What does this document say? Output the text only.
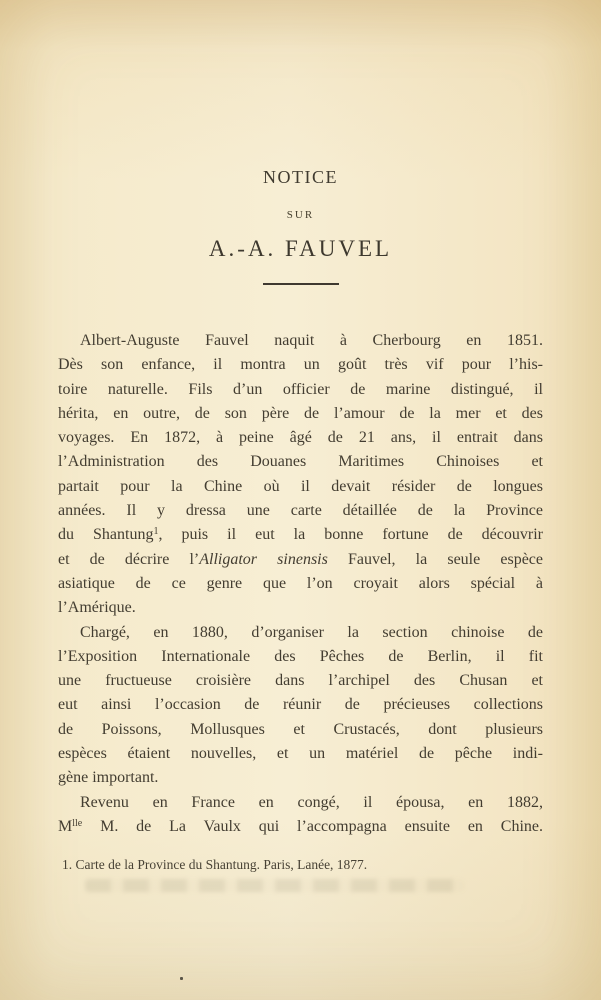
NOTICE
SUR
A.-A. FAUVEL
Albert-Auguste Fauvel naquit à Cherbourg en 1851.
Dès son enfance, il montra un goût très vif pour l’his-
toire naturelle. Fils d’un officier de marine distingué, il
hérita, en outre, de son père de l’amour de la mer et des
voyages. En 1872, à peine âgé de 21 ans, il entrait dans
l’Administration des Douanes Maritimes Chinoises et
partait pour la Chine où il devait résider de longues
années. Il y dressa une carte détaillée de la Province
du Shantung$^1$, puis il eut la bonne fortune de découvrir
et de décrire l’Alligator sinensis Fauvel, la seule espèce
asiatique de ce genre que l’on croyait alors spécial à
l’Amérique.
Chargé, en 1880, d’organiser la section chinoise de
l’Exposition Internationale des Pêches de Berlin, il fit
une fructueuse croisière dans l’archipel des Chusan et
eut ainsi l’occasion de réunir de précieuses collections
de Poissons, Mollusques et Crustacés, dont plusieurs
espèces étaient nouvelles, et un matériel de pêche indi-
gène important.
Revenu en France en congé, il épousa, en 1882,
$M^{lle}$ M. de La Vaulx qui l’accompagna ensuite en Chine.
1. Carte de la Province du Shantung. Paris, Lanée, 1877.
